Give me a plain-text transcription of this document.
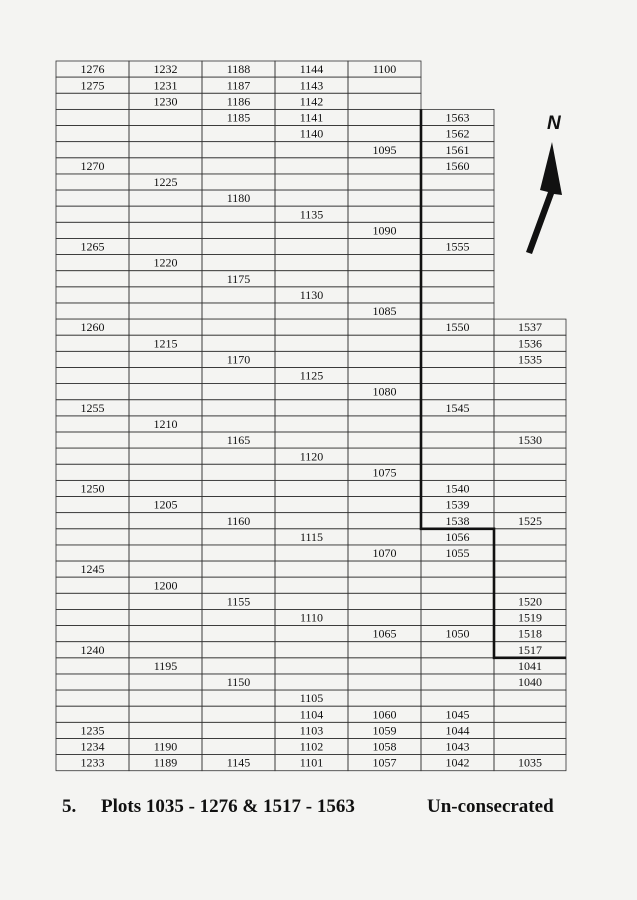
1276
1275
1270
1265
1260
1255
1250
1245
1240
1235
1234
1233
1232
1231
1230
1225
1220
1215
1210
1205
1200
1195
1190
1189
1188
1187
1186
1185
1180
1175
1170
1165
1160
1155
1150
1145
1144
1143
1142
1141
1140
1135
1130
1125
1120
1115
1110
1105
1104
1103
1102
1101
1100
1095
1090
1085
1080
1075
1070
1065
1060
1059
1058
1057
1563
1562
1561
1560
1555
1550
1545
1540
1539
1538
1056
1055
1050
1045
1044
1043
1042
1537
1536
1535
1530
1525
1520
1519
1518
1517
1041
1040
1035
N
5. Plots 1035 - 1276 & 1517 - 1563	Un-consecrated
